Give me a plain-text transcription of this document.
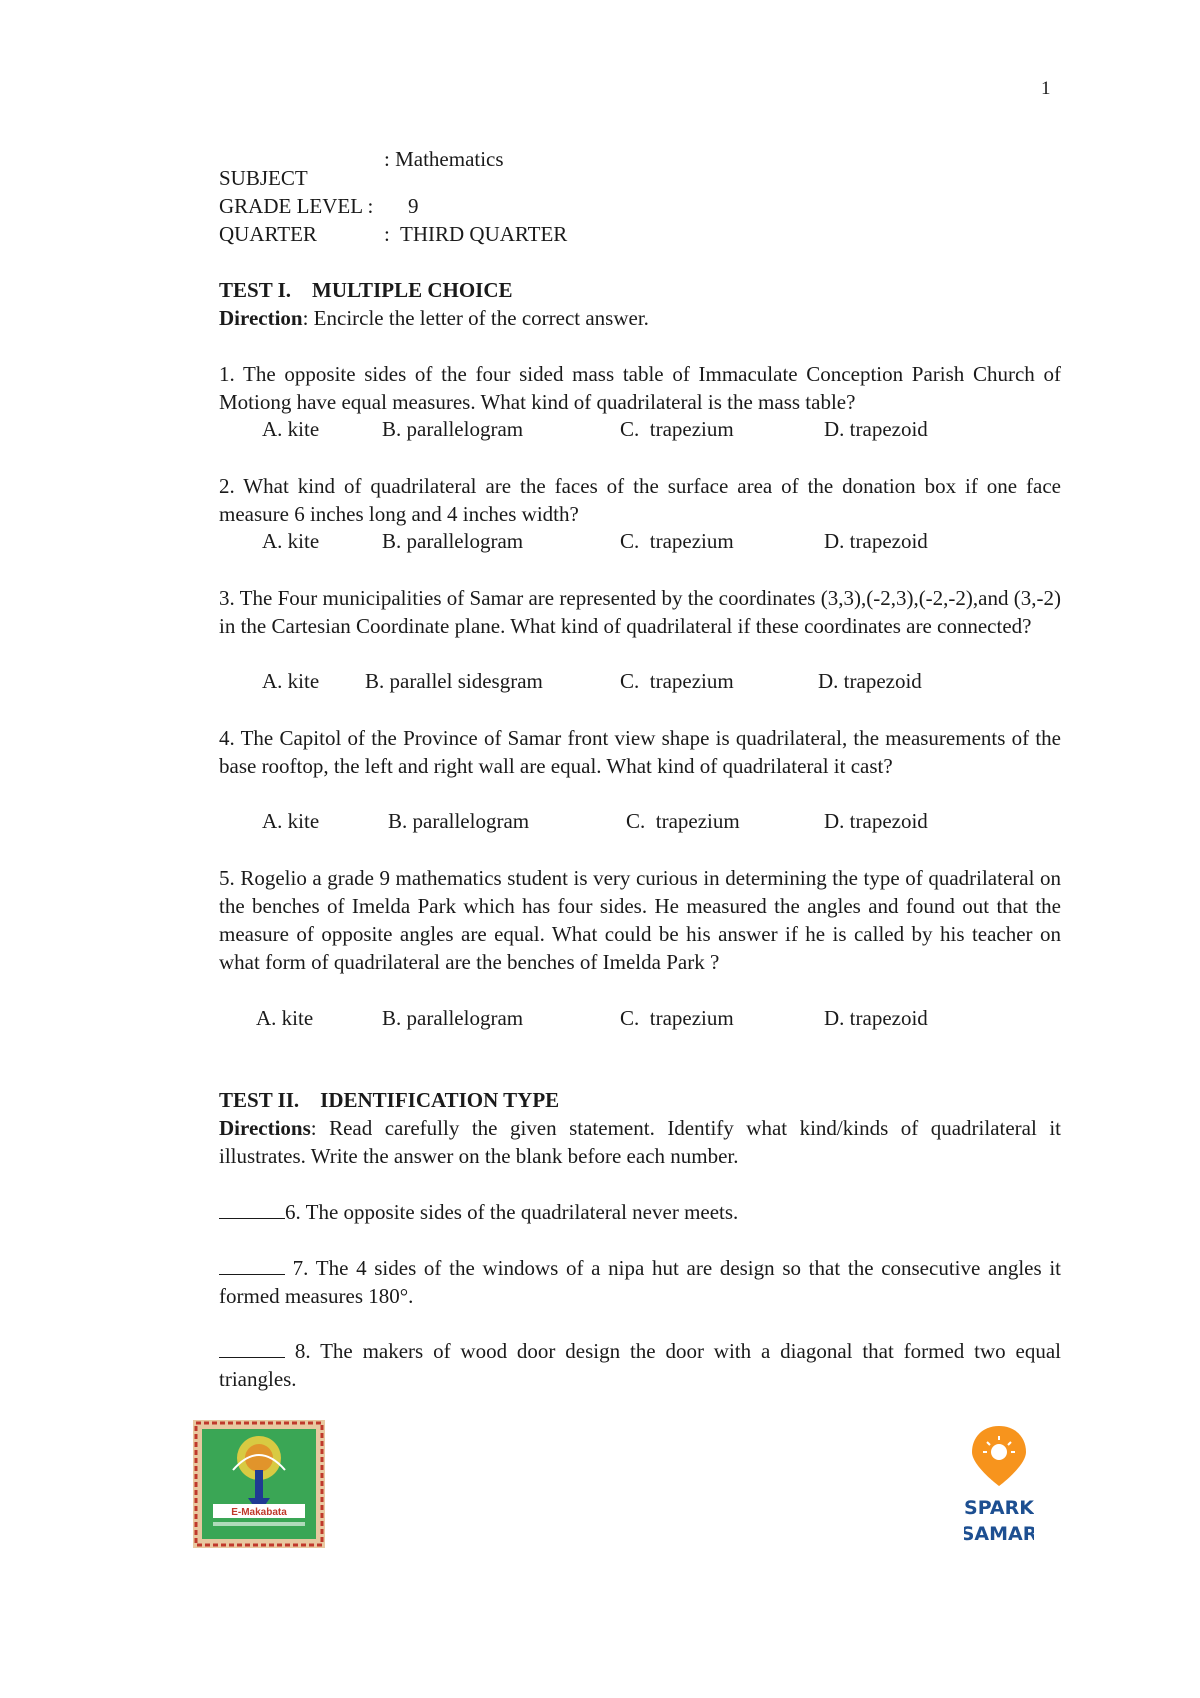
1
: Mathematics
SUBJECT
GRADE LEVEL : 9
QUARTER	: THIRD QUARTER
TEST I.    MULTIPLE CHOICE
Direction: Encircle the letter of the correct answer.
1. The opposite sides of the four sided mass table of Immaculate Conception Parish Church of Motiong have equal measures. What kind of quadrilateral is the mass table?
A. kite	B. parallelogram	C.  trapezium	D. trapezoid
2. What kind of quadrilateral are the faces of the surface area of the donation box if one face measure 6 inches long and 4 inches width?
A. kite	B. parallelogram	C.  trapezium	D. trapezoid
3. The Four municipalities of Samar are represented by the coordinates (3,3),(-2,3),(-2,-2),and (3,-2) in the Cartesian Coordinate plane. What kind of quadrilateral if these coordinates are connected?
A. kite B. parallel sidesgram	C.  trapezium	D. trapezoid
4. The Capitol of the Province of Samar front view shape is quadrilateral, the measurements of the base rooftop, the left and right wall are equal. What kind of quadrilateral it cast?
A. kite	B. parallelogram	C.  trapezium	D. trapezoid
5. Rogelio a grade 9 mathematics student is very curious in determining the type of quadrilateral on the benches of Imelda Park which has four sides. He measured the angles and found out that the measure of opposite angles are equal. What could be his answer if he is called by his teacher on what form of quadrilateral are the benches of Imelda Park ?
A. kite	B. parallelogram	C.  trapezium	D. trapezoid
TEST II.    IDENTIFICATION TYPE
Directions: Read carefully the given statement. Identify what kind/kinds of quadrilateral it illustrates. Write the answer on the blank before each number.
6. The opposite sides of the quadrilateral never meets.
7. The 4 sides of the windows of a nipa hut are design so that the consecutive angles it formed measures 180°.
8. The makers of wood door design the door with a diagonal that formed two equal triangles.
E-Makabata	SPARK
SAMAR
